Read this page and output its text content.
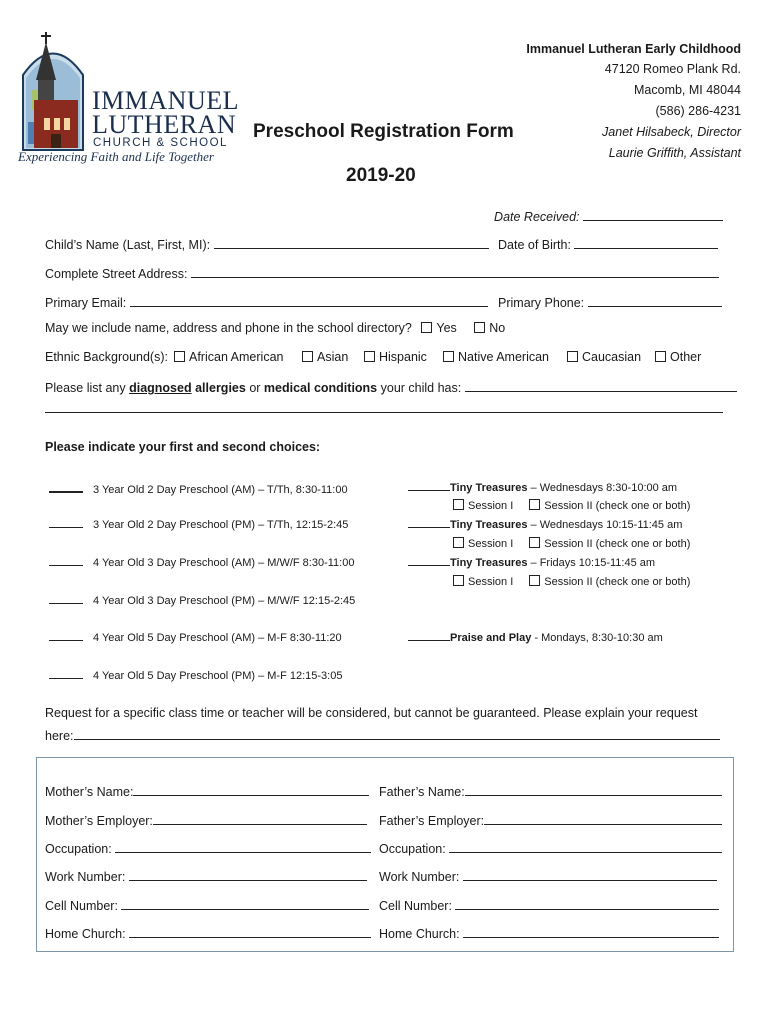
IMMANUEL
LUTHERAN
CHURCH & SCHOOL
Experiencing Faith and Life Together
Immanuel Lutheran Early Childhood
47120 Romeo Plank Rd.
Macomb, MI 48044
(586) 286-4231
Janet Hilsabeck, Director
Laurie Griffith, Assistant
Preschool Registration Form
2019-20
Date Received:
Child’s Name (Last, First, MI):	Date of Birth:
Complete Street Address:
Primary Email:	Primary Phone:
May we include name, address and phone in the school directory? Yes	No
Ethnic Background(s):	African American	Asian	Hispanic	Native American	Caucasian	Other
Please list any diagnosed allergies or medical conditions your child has:
Please indicate your first and second choices:
3 Year Old 2 Day Preschool (AM) – T/Th, 8:30-11:00
3 Year Old 2 Day Preschool (PM) – T/Th, 12:15-2:45
4 Year Old 3 Day Preschool (AM) – M/W/F 8:30-11:00
4 Year Old 3 Day Preschool (PM) – M/W/F 12:15-2:45
4 Year Old 5 Day Preschool (AM) – M-F 8:30-11:20
4 Year Old 5 Day Preschool (PM) – M-F 12:15-3:05
Tiny Treasures – Wednesdays 8:30-10:00 am
Session I	Session II (check one or both)
Tiny Treasures – Wednesdays 10:15-11:45 am
Session I	Session II (check one or both)
Tiny Treasures – Fridays 10:15-11:45 am
Session I	Session II (check one or both)
Praise and Play - Mondays, 8:30-10:30 am
Request for a specific class time or teacher will be considered, but cannot be guaranteed. Please explain your request
here:
Mother’s Name:	Father’s Name:
Mother’s Employer:	Father’s Employer:
Occupation:	Occupation:
Work Number:	Work Number:
Cell Number:	Cell Number:
Home Church:	Home Church:
